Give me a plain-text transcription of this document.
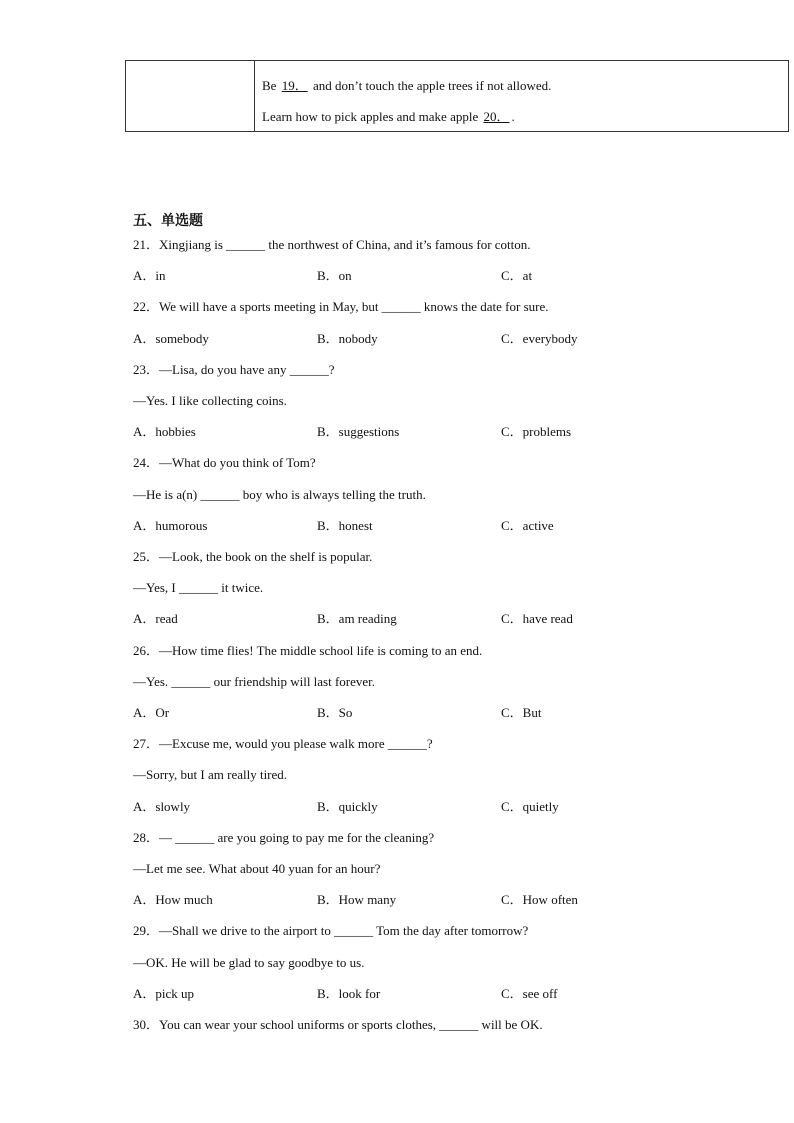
Be 19． and don’t touch the apple trees if not allowed.
Learn how to pick apples and make apple 20． .
五、单选题
21．Xingjiang is ______ the northwest of China, and it’s famous for cotton.
A．in	B．on	C．at
22．We will have a sports meeting in May, but ______ knows the date for sure.
A．somebody	B．nobody	C．everybody
23．—Lisa, do you have any ______?
—Yes. I like collecting coins.
A．hobbies	B．suggestions	C．problems
24．—What do you think of Tom?
—He is a(n) ______ boy who is always telling the truth.
A．humorous	B．honest	C．active
25．—Look, the book on the shelf is popular.
—Yes, I ______ it twice.
A．read	B．am reading	C．have read
26．—How time flies! The middle school life is coming to an end.
—Yes. ______ our friendship will last forever.
A．Or	B．So	C．But
27．—Excuse me, would you please walk more ______?
—Sorry, but I am really tired.
A．slowly	B．quickly	C．quietly
28．— ______ are you going to pay me for the cleaning?
—Let me see. What about 40 yuan for an hour?
A．How much	B．How many	C．How often
29．—Shall we drive to the airport to ______ Tom the day after tomorrow?
—OK. He will be glad to say goodbye to us.
A．pick up	B．look for	C．see off
30．You can wear your school uniforms or sports clothes, ______ will be OK.
